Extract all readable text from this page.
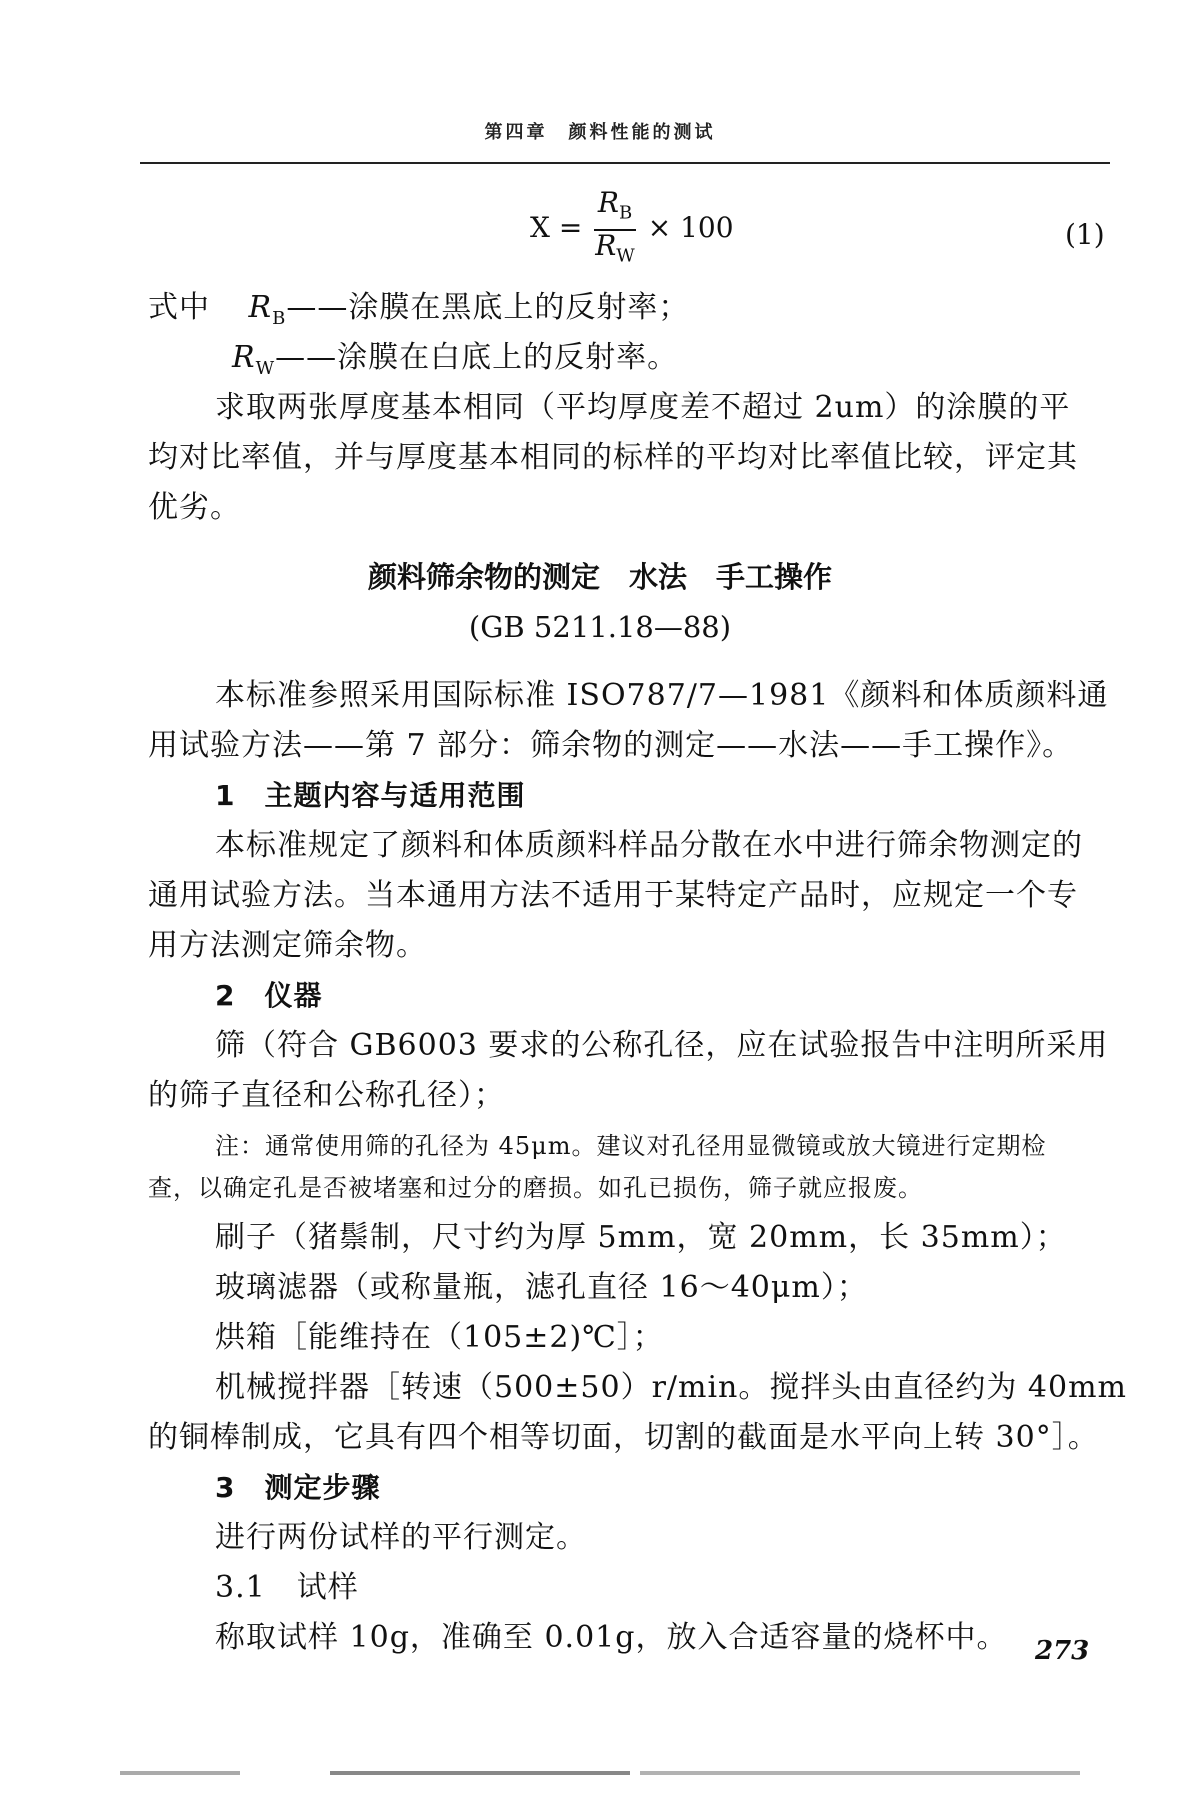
第四章　颜料性能的测试
$X = \frac{R_B}{R_W} \times 100$	(1)
式中 $R_B——$涂膜在黑底上的反射率；
$R_W——$涂膜在白底上的反射率。
求取两张厚度基本相同（平均厚度差不超过 2um）的涂膜的平
均对比率值，并与厚度基本相同的标样的平均对比率值比较，评定其
优劣。
颜料筛余物的测定　水法　手工操作
(GB 5211.18—88)
本标准参照采用国际标准 ISO787/7—1981《颜料和体质颜料通
用试验方法——第 7 部分：筛余物的测定——水法——手工操作》。
1　主题内容与适用范围
本标准规定了颜料和体质颜料样品分散在水中进行筛余物测定的
通用试验方法。当本通用方法不适用于某特定产品时，应规定一个专
用方法测定筛余物。
2　仪器
筛（符合 GB6003 要求的公称孔径，应在试验报告中注明所采用
的筛子直径和公称孔径）；
注：通常使用筛的孔径为 45μm。建议对孔径用显微镜或放大镜进行定期检
查，以确定孔是否被堵塞和过分的磨损。如孔已损伤，筛子就应报废。
刷子（猪鬃制，尺寸约为厚 5mm，宽 20mm，长 35mm）；
玻璃滤器（或称量瓶，滤孔直径 16～40μm）；
烘箱［能维持在（105±2)℃］；
机械搅拌器［转速（500±50）r/min。搅拌头由直径约为 40mm
的铜棒制成，它具有四个相等切面，切割的截面是水平向上转 30°］。
3　测定步骤
进行两份试样的平行测定。
3.1　试样
称取试样 10g，准确至 0.01g，放入合适容量的烧杯中。 273
